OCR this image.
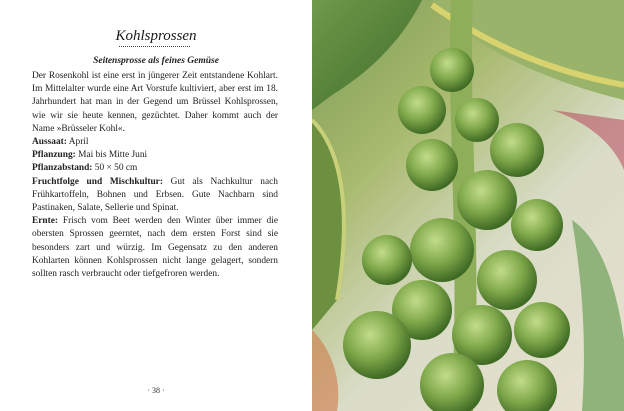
Kohlsprossen
Seitensprosse als feines Gemüse

Der Rosenkohl ist eine erst in jüngerer Zeit entstandene Kohlart. Im Mittelalter wurde eine Art Vorstufe kultiviert, aber erst im 18. Jahrhundert hat man in der Gegend um Brüssel Kohlsprossen, wie wir sie heute kennen, gezüchtet. Daher kommt auch der Name »Brüsseler Kohl«.

Aussaat: April

Pflanzung: Mai bis Mitte Juni

Pflanzabstand: 50 × 50 cm

Fruchtfolge und Mischkultur: Gut als Nachkultur nach Frühkartoffeln, Bohnen und Erbsen. Gute Nachbarn sind Pastinaken, Salate, Sellerie und Spinat.

Ernte: Frisch vom Beet werden den Winter über immer die obersten Sprossen geerntet, nach dem ersten Forst sind sie besonders zart und würzig. Im Gegensatz zu den anderen Kohlarten können Kohlsprossen nicht lange gelagert, sondern sollten rasch verbraucht oder tiefgefroren werden.

· 38 ·
